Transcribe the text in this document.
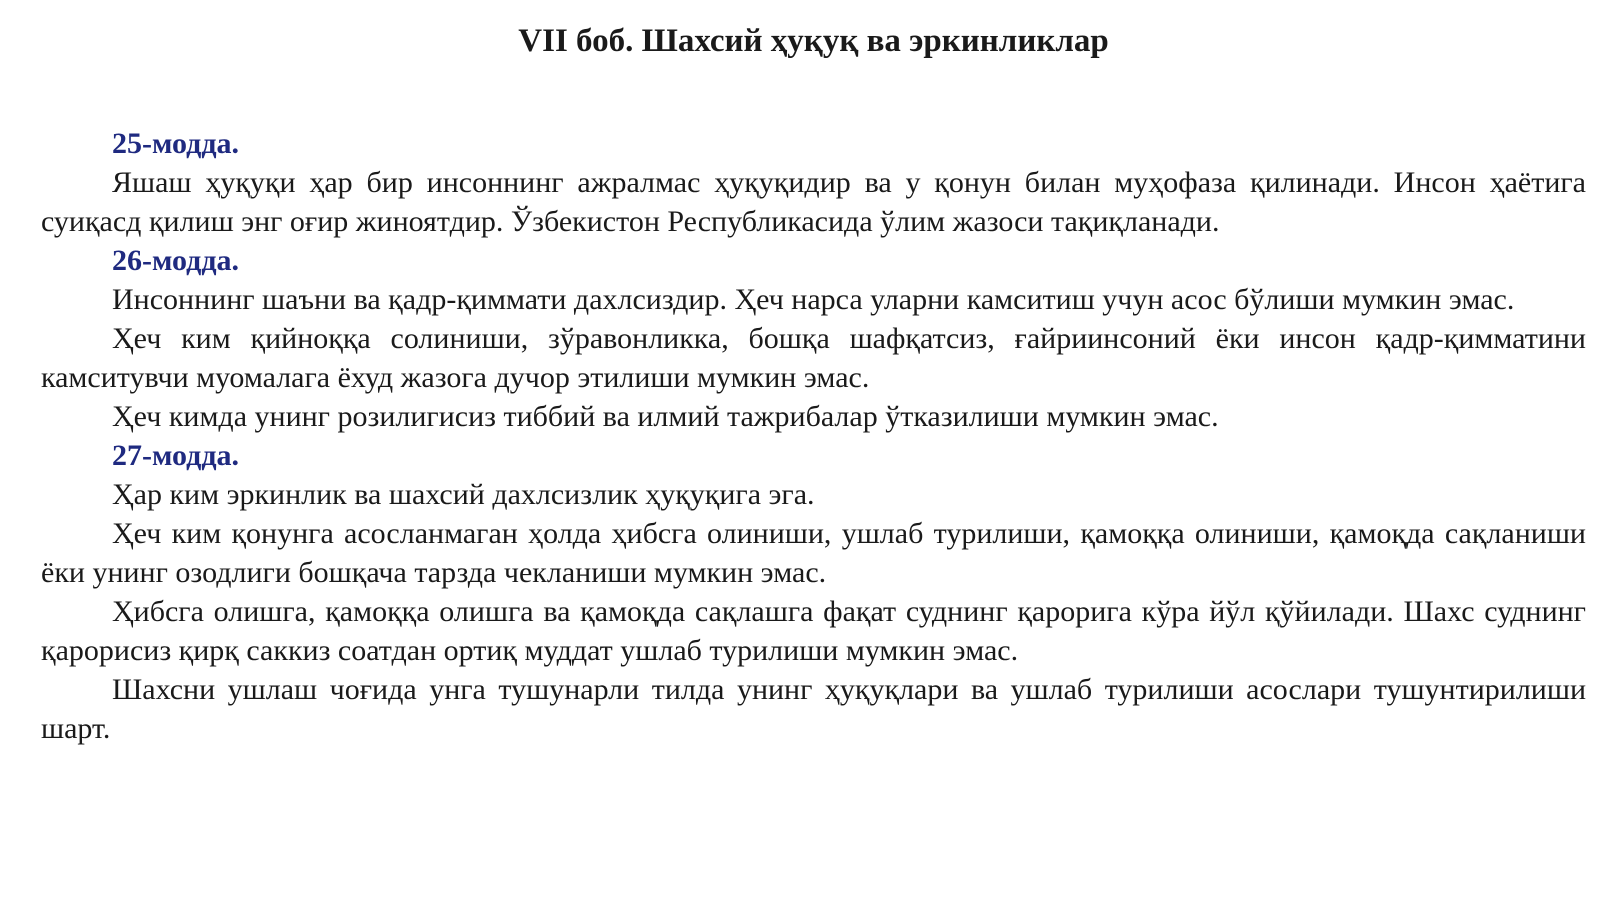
VII боб. Шахсий ҳуқуқ ва эркинликлар

25-модда.

Яшаш ҳуқуқи ҳар бир инсоннинг ажралмас ҳуқуқидир ва у қонун билан муҳофаза қилинади. Инсон ҳаётига суиқасд қилиш энг оғир жиноятдир. Ўзбекистон Республикасида ўлим жазоси тақиқланади.

26-модда.

Инсоннинг шаъни ва қадр-қиммати дахлсиздир. Ҳеч нарса уларни камситиш учун асос бўлиши мумкин эмас.

Ҳеч ким қийноққа солиниши, зўравонликка, бошқа шафқатсиз, ғайриинсоний ёки инсон қадр-қимматини камситувчи муомалага ёхуд жазога дучор этилиши мумкин эмас.

Ҳеч кимда унинг розилигисиз тиббий ва илмий тажрибалар ўтказилиши мумкин эмас.

27-модда.

Ҳар ким эркинлик ва шахсий дахлсизлик ҳуқуқига эга.

Ҳеч ким қонунга асосланмаган ҳолда ҳибсга олиниши, ушлаб турилиши, қамоққа олиниши, қамоқда сақланиши ёки унинг озодлиги бошқача тарзда чекланиши мумкин эмас.

Ҳибсга олишга, қамоққа олишга ва қамоқда сақлашга фақат суднинг қарорига кўра йўл қўйилади. Шахс суднинг қарорисиз қирқ саккиз соатдан ортиқ муддат ушлаб турилиши мумкин эмас.

Шахсни ушлаш чоғида унга тушунарли тилда унинг ҳуқуқлари ва ушлаб турилиши асослари тушунтирилиши шарт.
